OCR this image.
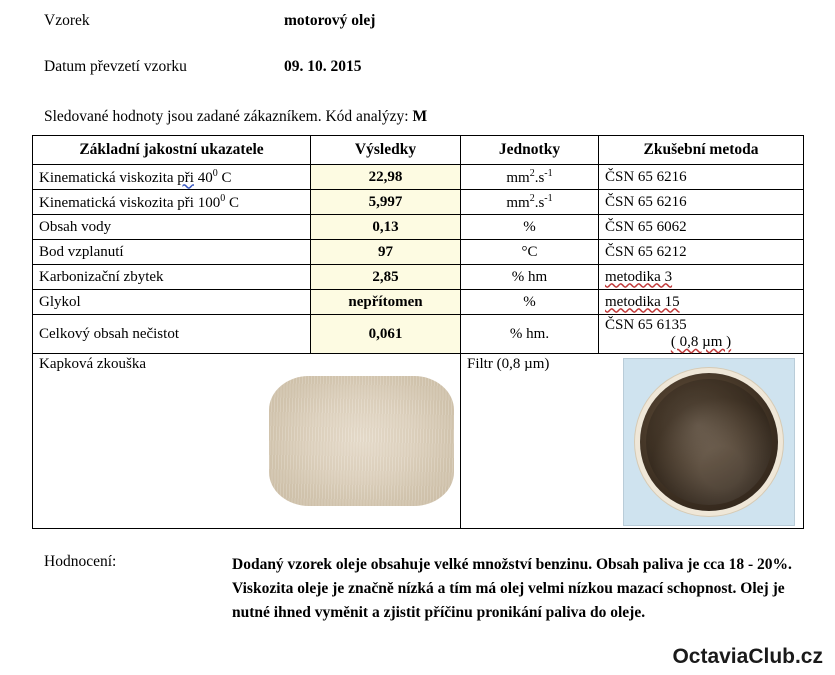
Vzorek	motorový olej
Datum převzetí vzorku	09. 10. 2015
Sledované hodnoty jsou zadané zákazníkem. Kód analýzy: M
Základní jakostní ukazatele	Výsledky	Jednotky	Zkušební metoda
Kinematická viskozita při $40^0$ C	22,98	$mm^2.s^{-1}$	ČSN 65 6216
Kinematická viskozita při $100^0$ C	5,997	$mm^2.s^{-1}$	ČSN 65 6216
Obsah vody	0,13	%	ČSN 65 6062
Bod vzplanutí	97	°C	ČSN 65 6212
Karbonizační zbytek	2,85	% hm	metodika 3
Glykol	nepřítomen	%	metodika 15
Celkový obsah nečistot	0,061	% hm.	ČSN 65 6135
( 0,8 µm )

Kapková zkouška		Filtr (0,8 µm)	
Hodnocení:	Dodaný vzorek oleje obsahuje velké množství benzinu. Obsah paliva je cca 18 - 20%. Viskozita oleje je značně nízká a tím má olej velmi nízkou mazací schopnost. Olej je nutné ihned vyměnit a zjistit příčinu pronikání paliva do oleje.
OctaviaClub.cz
